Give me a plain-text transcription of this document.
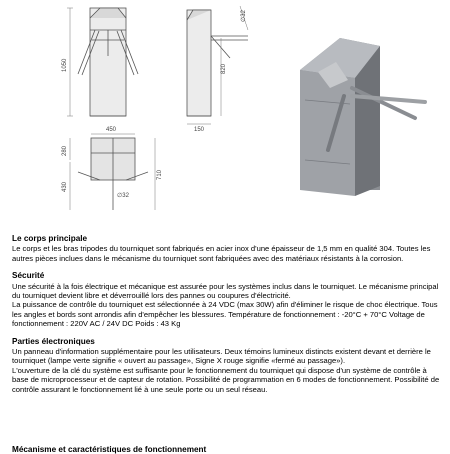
1050
∅32
820
150
450
280
430
710
∅32
Le corps principale

Le corps et les bras tripodes du tourniquet sont fabriqués en acier inox d'une épaisseur de 1,5 mm en qualité 304. Toutes les autres pièces inclues dans le mécanisme du tourniquet sont fabriquées avec des matériaux résistants à la corrosion.

Sécurité

Une sécurité à la fois électrique et mécanique est assurée pour les systèmes inclus dans le tourniquet. Le mécanisme principal du tourniquet devient libre et déverrouillé lors des pannes ou coupures d'électricité.

La puissance de contrôle du tourniquet est sélectionnée à 24 VDC (max 30W) afin d'éliminer le risque de choc électrique. Tous les angles et bords sont arrondis afin d'empêcher les blessures. Température de fonctionnement : -20°C + 70°C Voltage de fonctionnement : 220V AC / 24V DC Poids : 43 Kg

Parties électroniques

Un panneau d'information supplémentaire pour les utilisateurs. Deux témoins lumineux distincts existent devant et derrière le tourniquet (lampe verte signifie « ouvert au passage», Signe X rouge signifie «fermé au passage»).

L'ouverture de la clé du système est suffisante pour le fonctionnement du tourniquet qui dispose d'un système de contrôle à base de microprocesseur et de capteur de rotation. Possibilité de programmation en 6 modes de fonctionnement. Possibilité de contrôle assurant le fonctionnement lié à une seule porte ou un seul réseau.

Mécanisme et caractéristiques de fonctionnement
